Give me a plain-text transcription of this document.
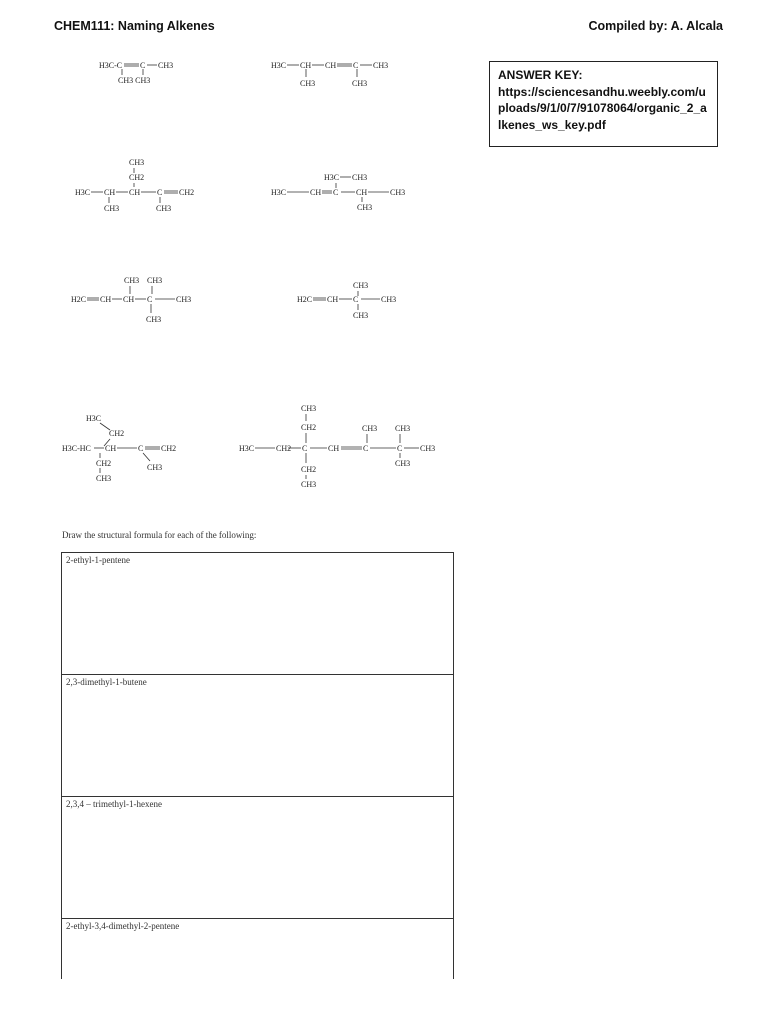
CHEM111: Naming Alkenes	Compiled by: A. Alcala
ANSWER KEY:
https://sciencesandhu.weebly.com/uploads/9/1/0/7/91078064/organic_2_alkenes_ws_key.pdf
H3C-C C CH3
CH3 CH3
H3C CH CH C CH3
CH3	CH3
CH3
CH2
H3C CH CH C CH2
CH3	CH3
H3C CH3
H3C	CH C CH	CH3
CH3
CH3 CH3
H2C CH CH C	CH3
CH3
CH3
H2C CH C	CH3
CH3
H3C
CH2
H3C-HC CH	C CH2
CH2
CH3
CH3
CH3
CH2
H3C	CH2 C	CH	C
CH3 CH3
C CH3
CH3
CH2
CH3
Draw the structural formula for each of the following:
2-ethyl-1-pentene
2,3-dimethyl-1-butene
2,3,4 – trimethyl-1-hexene
2-ethyl-3,4-dimethyl-2-pentene
